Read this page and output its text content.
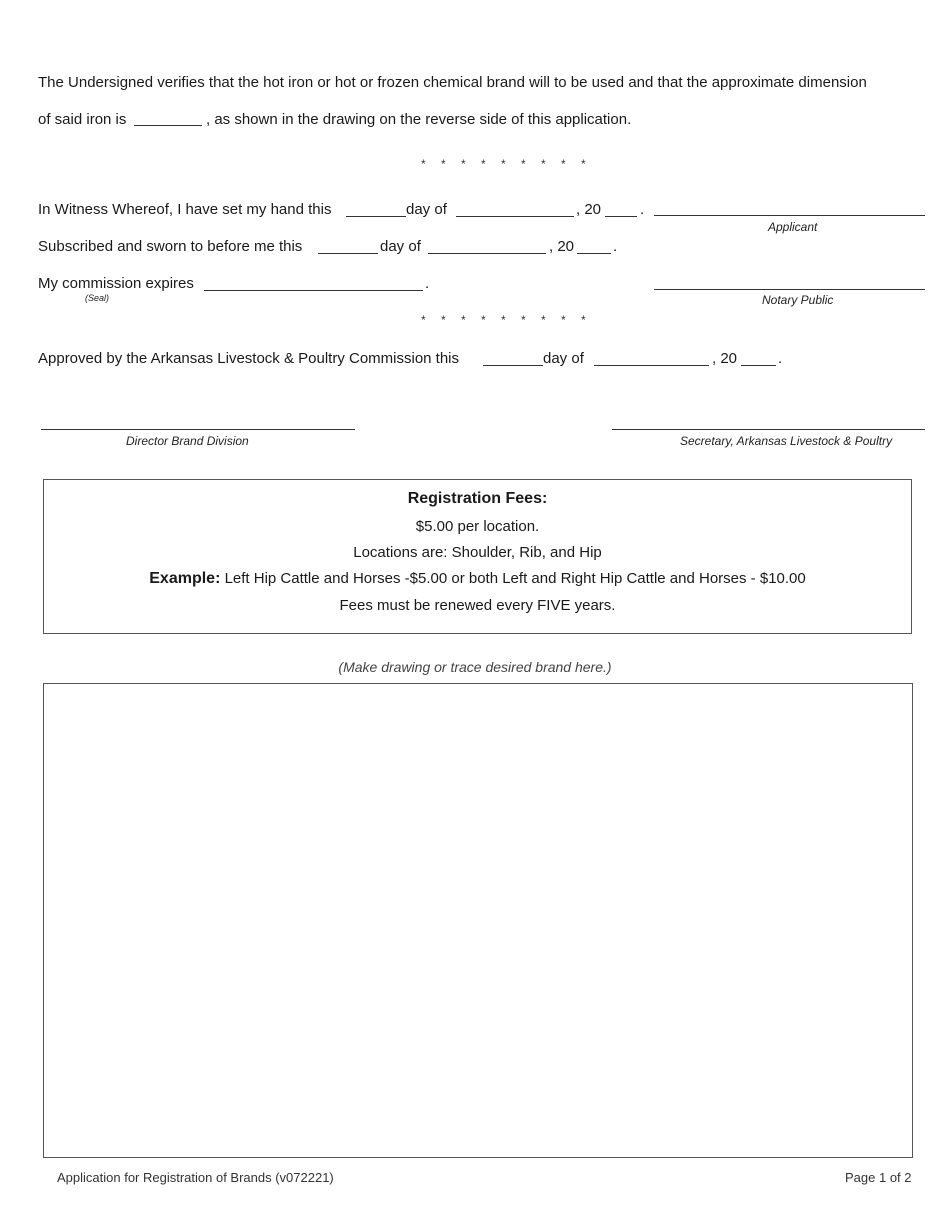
The Undersigned verifies that the hot iron or hot or frozen chemical brand will to be used and that the approximate dimension
of said iron is	, as shown in the drawing on the reverse side of this application.
* * * * * * * * *
In Witness Whereof, I have set my hand this	day of	, 20	.
Applicant
Subscribed and sworn to before me this	day of	, 20	.
My commission expires	.
(Seal)	Notary Public
* * * * * * * * *
Approved by the Arkansas Livestock & Poultry Commission this	day of	, 20	.
Director Brand Division	Secretary, Arkansas Livestock & Poultry
Registration Fees:
$5.00 per location.
Locations are: Shoulder, Rib, and Hip
Example: Left Hip Cattle and Horses -$5.00 or both Left and Right Hip Cattle and Horses - $10.00
Fees must be renewed every FIVE years.
(Make drawing or trace desired brand here.)
Application for Registration of Brands (v072221)	Page 1 of 2
